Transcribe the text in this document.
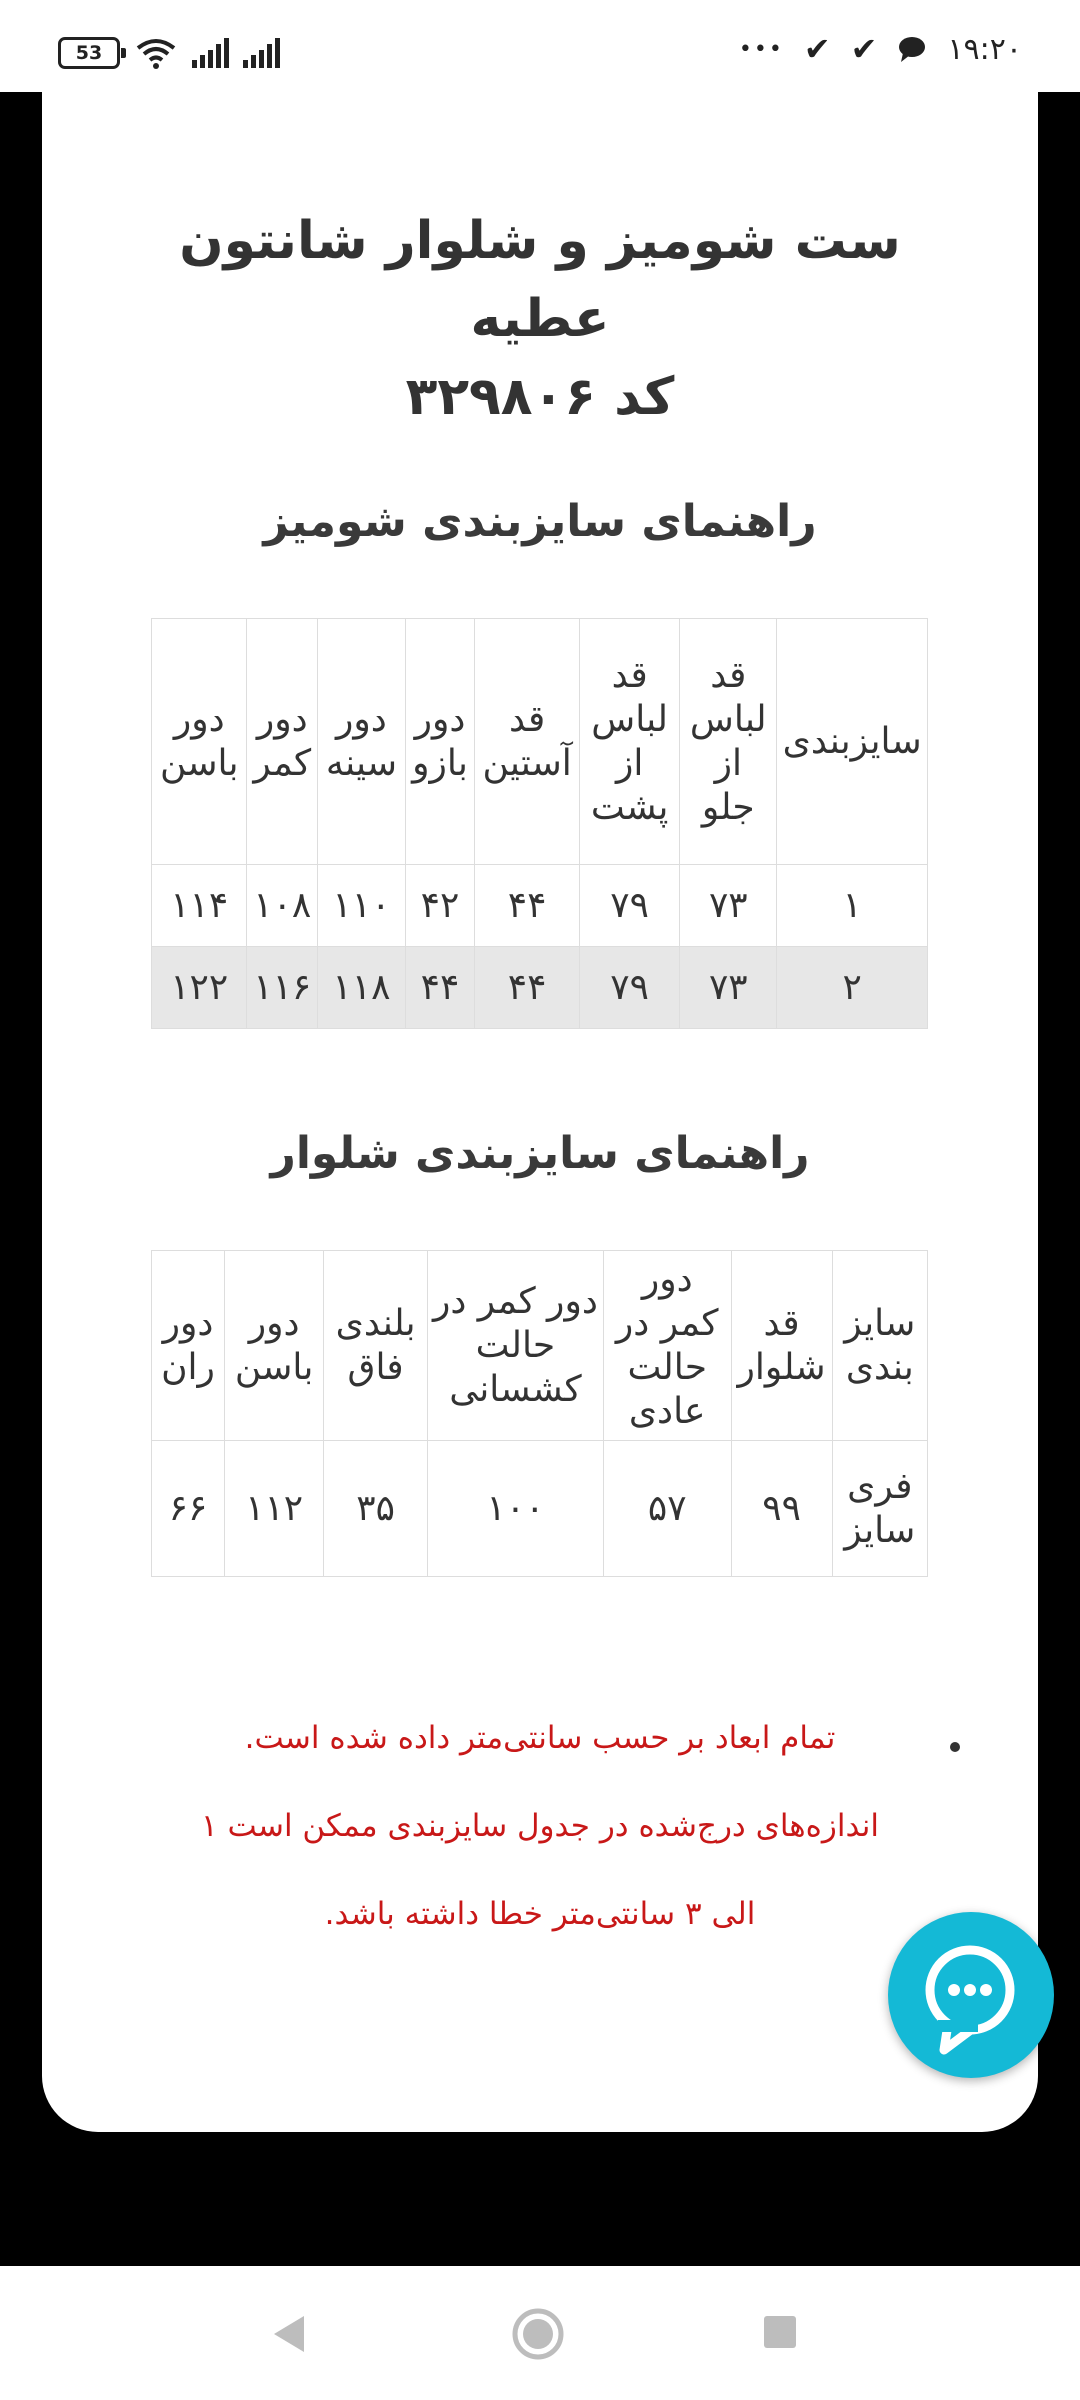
53	••• ✔ ✔ ۱۹:۲۰
ست شومیز و شلوار شانتون عطیه
کد ۳۲۹۸۰۶
راهنمای سایزبندی شومیز
سایزبندی	قد لباس از جلو	قد لباس از پشت	قد آستین	دور بازو	دور سینه	دور کمر	دور باسن
۱	۷۳	۷۹	۴۴	۴۲	۱۱۰	۱۰۸	۱۱۴
۲	۷۳	۷۹	۴۴	۴۴	۱۱۸	۱۱۶	۱۲۲
راهنمای سایزبندی شلوار
سایز بندی	قد شلوار	دور کمر در حالت عادی	دور کمر در حالت کشسانی	بلندی فاق	دور باسن	دور ران
فری سایز	۹۹	۵۷	۱۰۰	۳۵	۱۱۲	۶۶
تمام ابعاد بر حسب سانتی‌متر داده شده است.
اندازه‌های درج‌شده در جدول سایزبندی ممکن است ۱
الی ۳ سانتی‌متر خطا داشته باشد.
